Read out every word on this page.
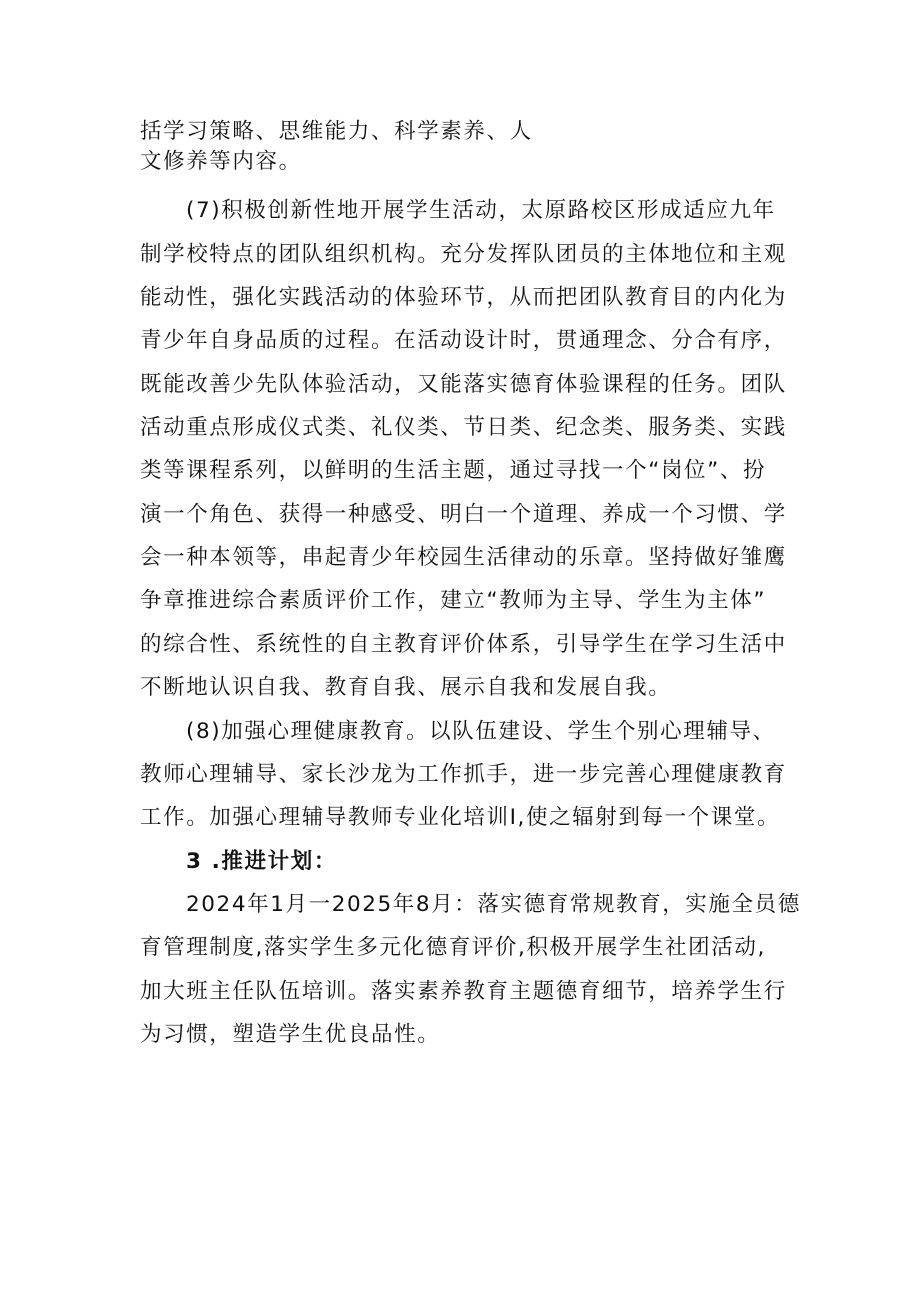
括学习策略、思维能力、科学素养、人
文修养等内容。
(7)积极创新性地开展学生活动，太原路校区形成适应九年
制学校特点的团队组织机构。充分发挥队团员的主体地位和主观
能动性，强化实践活动的体验环节，从而把团队教育目的内化为
青少年自身品质的过程。在活动设计时，贯通理念、分合有序，
既能改善少先队体验活动，又能落实德育体验课程的任务。团队
活动重点形成仪式类、礼仪类、节日类、纪念类、服务类、实践
类等课程系列，以鲜明的生活主题，通过寻找一个“岗位”、扮
演一个角色、获得一种感受、明白一个道理、养成一个习惯、学
会一种本领等，串起青少年校园生活律动的乐章。坚持做好雏鹰
争章推进综合素质评价工作，建立“教师为主导、学生为主体”
的综合性、系统性的自主教育评价体系，引导学生在学习生活中
不断地认识自我、教育自我、展示自我和发展自我。
(8)加强心理健康教育。以队伍建设、学生个别心理辅导、
教师心理辅导、家长沙龙为工作抓手，进一步完善心理健康教育
工作。加强心理辅导教师专业化培训I,使之辐射到每一个课堂。
3 .推进计划：
2024年1月一2025年8月：落实德育常规教育，实施全员德
育管理制度,落实学生多元化德育评价,积极开展学生社团活动,
加大班主任队伍培训。落实素养教育主题德育细节，培养学生行
为习惯，塑造学生优良品性。
